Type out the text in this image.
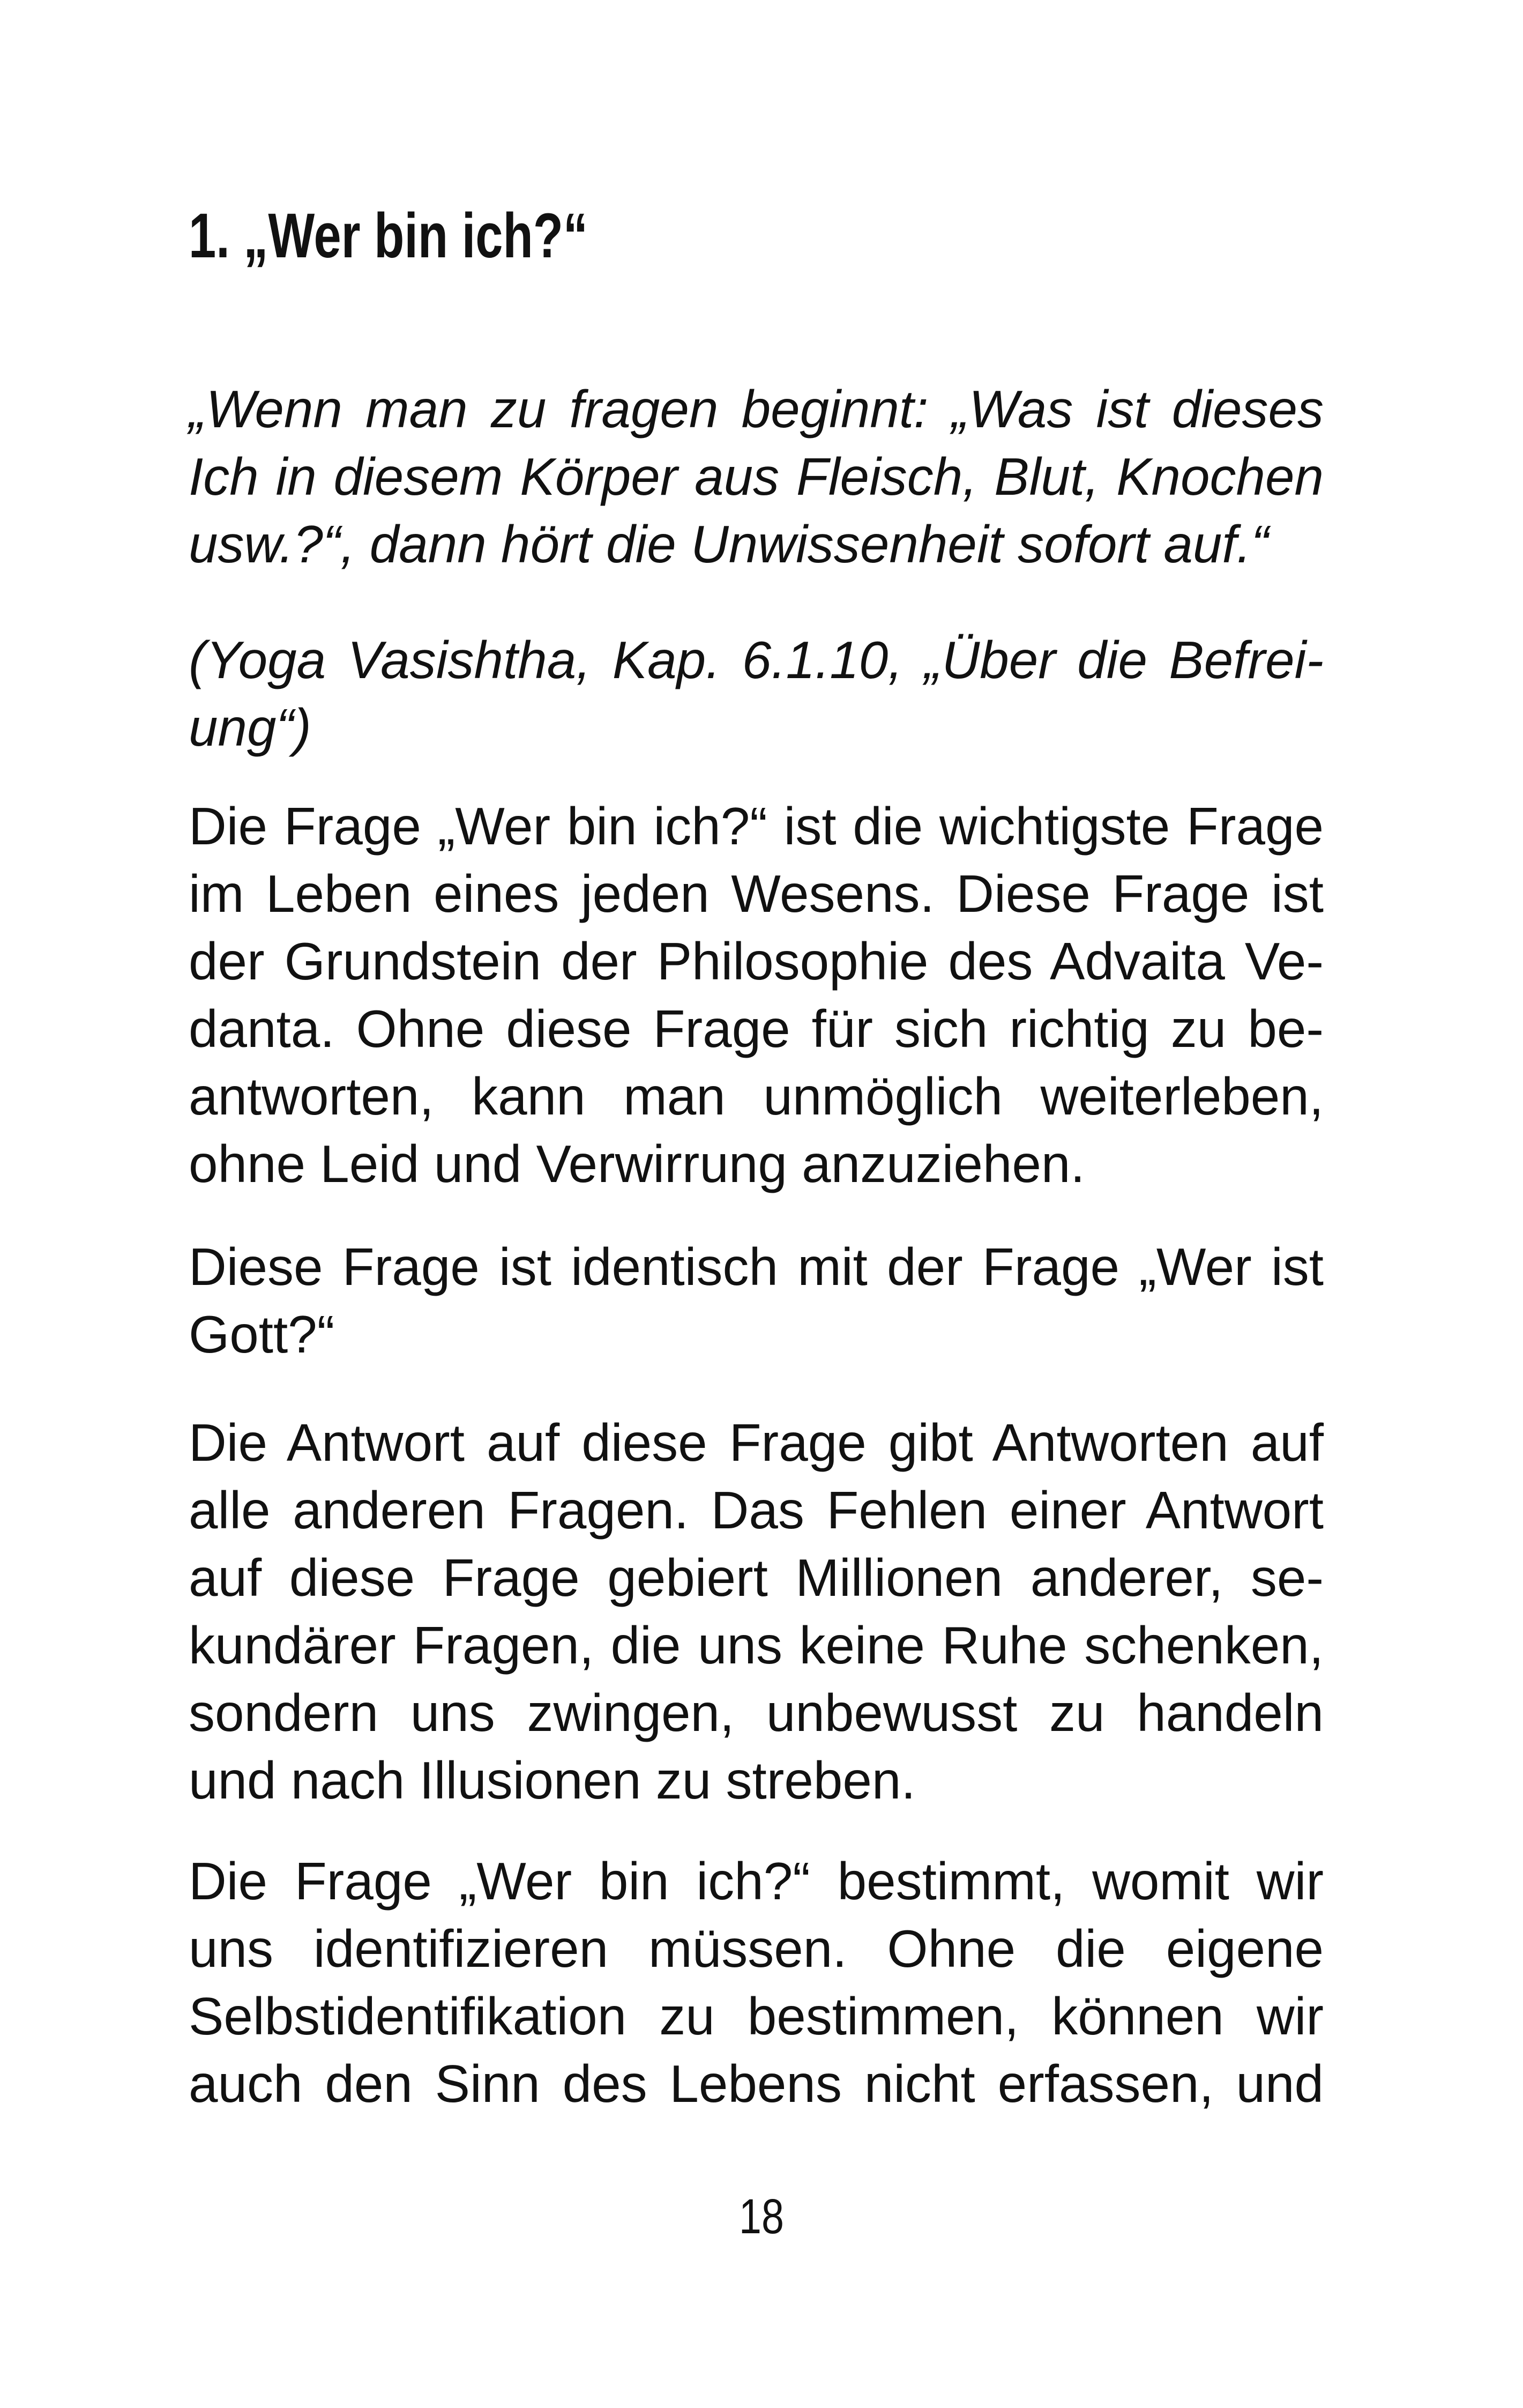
1. „Wer bin ich?“

„Wenn man zu fragen beginnt: „Was ist dieses
Ich in diesem Körper aus Fleisch, Blut, Knochen
usw.?“, dann hört die Unwissenheit sofort auf.“

(Yoga Vasishtha, Kap. 6.1.10, „Über die Befrei-
ung“)

Die Frage „Wer bin ich?“ ist die wichtigste Frage
im Leben eines jeden Wesens. Diese Frage ist
der Grundstein der Philosophie des Advaita Ve-
danta. Ohne diese Frage für sich richtig zu be-
antworten, kann man unmöglich weiterleben,
ohne Leid und Verwirrung anzuziehen.

Diese Frage ist identisch mit der Frage „Wer ist
Gott?“

Die Antwort auf diese Frage gibt Antworten auf
alle anderen Fragen. Das Fehlen einer Antwort
auf diese Frage gebiert Millionen anderer, se-
kundärer Fragen, die uns keine Ruhe schenken,
sondern uns zwingen, unbewusst zu handeln
und nach Illusionen zu streben.

Die Frage „Wer bin ich?“ bestimmt, womit wir
uns identifizieren müssen. Ohne die eigene
Selbstidentifikation zu bestimmen, können wir
auch den Sinn des Lebens nicht erfassen, und

18
